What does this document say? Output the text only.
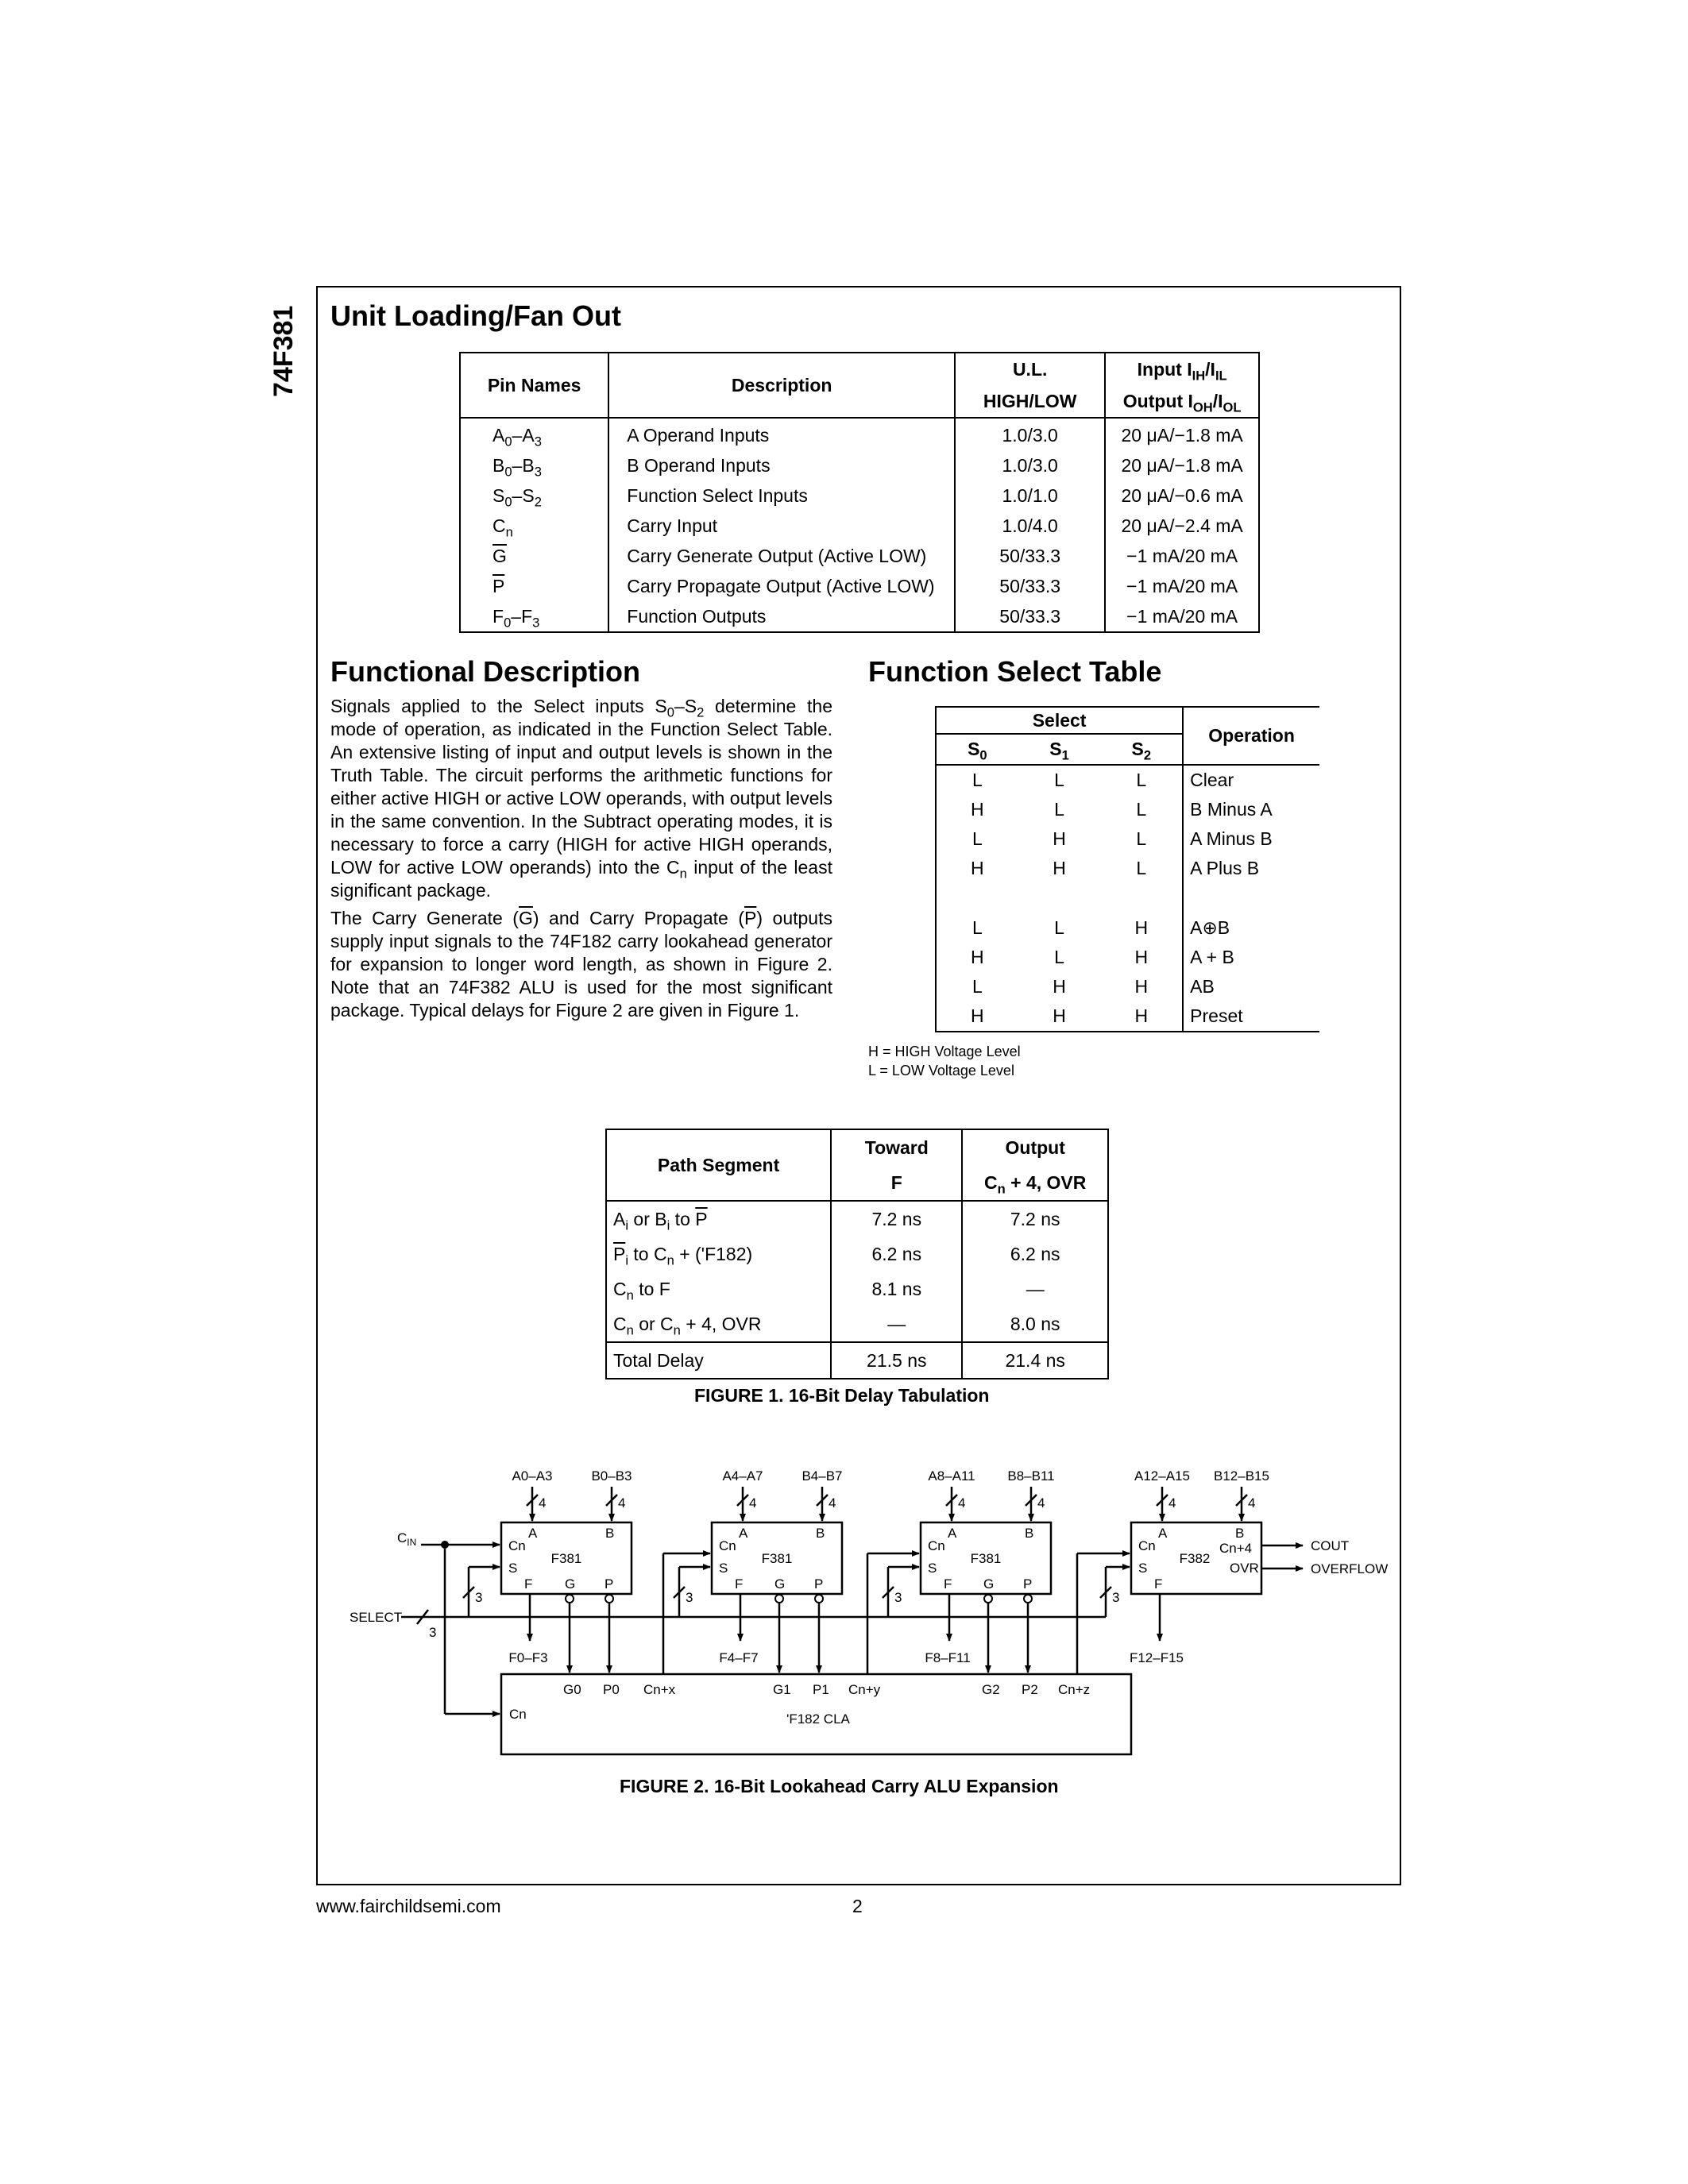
74F381 Unit Loading/Fan Out
Pin Names	Description	U.L.	Input $I_{IH}/I_{IL}$
		HIGH/LOW	Output $I_{OH}/I_{OL}$
$A_0-A_3$	A Operand Inputs	1.0/3.0	20 μA/−1.8 mA
$B_0-B_3$	B Operand Inputs	1.0/3.0	20 μA/−1.8 mA
$S_0-S_2$	Function Select Inputs	1.0/1.0	20 μA/−0.6 mA
$C_n$	Carry Input	1.0/4.0	20 μA/−2.4 mA
$\overline{G}$	Carry Generate Output (Active LOW)	50/33.3	−1 mA/20 mA
$\overline{P}$	Carry Propagate Output (Active LOW)	50/33.3	−1 mA/20 mA
$F_0-F_3$	Function Outputs	50/33.3	−1 mA/20 mA
Functional Description

Signals applied to the Select inputs $S_0-S_2$ determine the mode of operation, as indicated in the Function Select Table. An extensive listing of input and output levels is shown in the Truth Table. The circuit performs the arithmetic functions for either active HIGH or active LOW operands, with output levels in the same convention. In the Subtract operating modes, it is necessary to force a carry (HIGH for active HIGH operands, LOW for active LOW operands) into the $C_n$ input of the least significant package.

The Carry Generate $(\overline{G})$ and Carry Propagate $(\overline{P})$ outputs supply input signals to the 74F182 carry lookahead generator for expansion to longer word length, as shown in Figure 2. Note that an 74F382 ALU is used for the most significant package. Typical delays for Figure 2 are given in Figure 1.

Function Select Table
Select			Operation
$S_0$	$S_1$	$S_2$
L	L	L	Clear
H	L	L	B Minus A
L	H	L	A Minus B
H	H	L	A Plus B

L	L	H	A⊕B
H	L	H	A + B
L	H	H	AB
H	H	H	Preset
H = HIGH Voltage Level
L = LOW Voltage Level
Path Segment	Toward	Output
	F	$C_n + 4$, OVR
$A_i$ or $B_i$ to $\overline{P}$	7.2 ns	7.2 ns
$\overline{P}_i$ to $C_n + ('F182)$	6.2 ns	6.2 ns
$C_n$ to F	8.1 ns	—
$C_n$ or $C_n + 4$, OVR	—	8.0 ns
Total Delay	21.5 ns	21.4 ns
FIGURE 1. 16-Bit Delay Tabulation
F381	F381	F381	F382
A	B
Cn
S
F G P
A	B
Cn
S
F G P
A	B
Cn
S
F G P
A	B
Cn
S
F
Cn+4
OVR
A0–A3	B0–B3	A4–A7	B4–B7	A8–A11 B8–B11	A12–A15 B12–B15
4	4	4	4	4	4	4	4
3
3	3	3	3
$C_{IN}$
SELECT
F0–F3	F4–F7	F8–F11	F12–F15
COUT
OVERFLOW
'F182 CLA
Cn
G0 P0 Cn+x	G1 P1 Cn+y	G2 P2 Cn+z
FIGURE 2. 16-Bit Lookahead Carry ALU Expansion
www.fairchildsemi.com	2
